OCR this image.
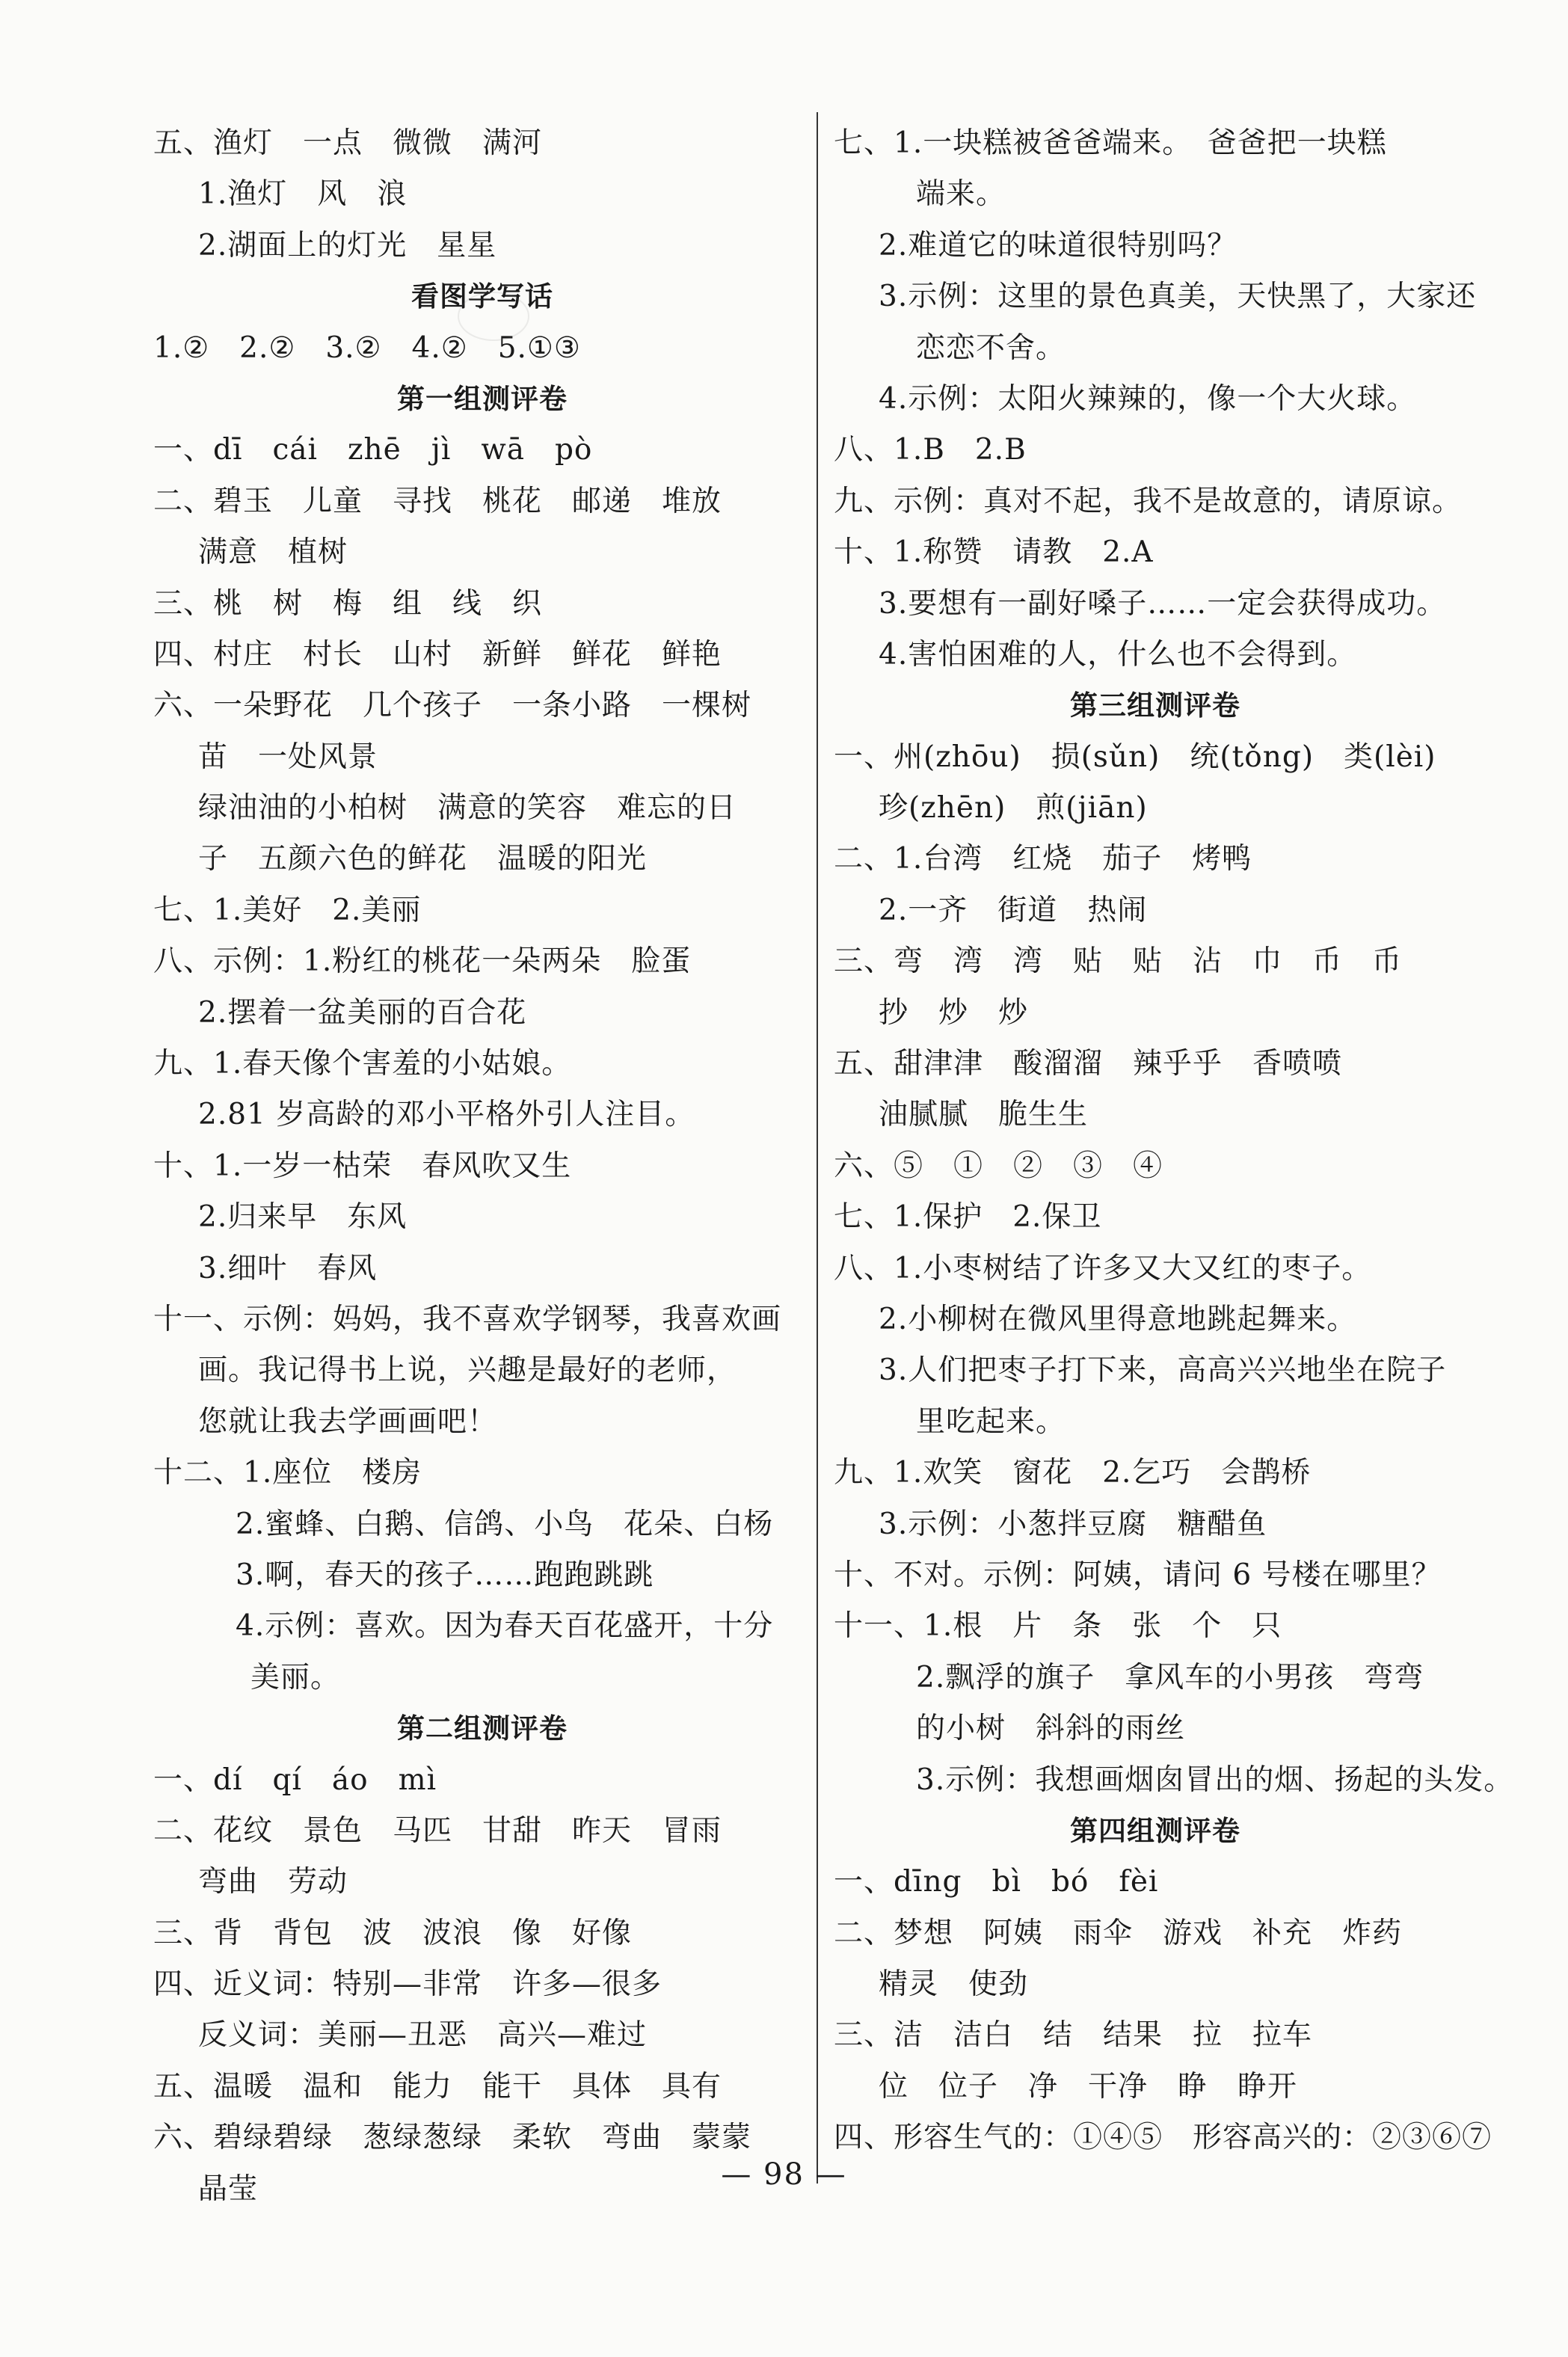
五、渔灯　一点　微微　满河
1.渔灯　风　浪
2.湖面上的灯光　星星
看图学写话
1.②　2.②　3.②　4.②　5.①③
第一组测评卷
一、dī　cái　zhē　jì　wā　pò
二、碧玉　儿童　寻找　桃花　邮递　堆放
满意　植树
三、桃　树　梅　组　线　织
四、村庄　村长　山村　新鲜　鲜花　鲜艳
六、一朵野花　几个孩子　一条小路　一棵树
苗　一处风景
绿油油的小柏树　满意的笑容　难忘的日
子　五颜六色的鲜花　温暖的阳光
七、1.美好　2.美丽
八、示例：1.粉红的桃花一朵两朵　脸蛋
2.摆着一盆美丽的百合花
九、1.春天像个害羞的小姑娘。
2.81 岁高龄的邓小平格外引人注目。
十、1.一岁一枯荣　春风吹又生
2.归来早　东风
3.细叶　春风
十一、示例：妈妈，我不喜欢学钢琴，我喜欢画
画。我记得书上说，兴趣是最好的老师，
您就让我去学画画吧！
十二、1.座位　楼房
2.蜜蜂、白鹅、信鸽、小鸟　花朵、白杨
3.啊，春天的孩子……跑跑跳跳
4.示例：喜欢。因为春天百花盛开，十分
美丽。
第二组测评卷
一、dí　qí　áo　mì
二、花纹　景色　马匹　甘甜　昨天　冒雨
弯曲　劳动
三、背　背包　波　波浪　像　好像
四、近义词：特别—非常　许多—很多
反义词：美丽—丑恶　高兴—难过
五、温暖　温和　能力　能干　具体　具有
六、碧绿碧绿　葱绿葱绿　柔软　弯曲　蒙蒙
晶莹
七、1.一块糕被爸爸端来。　爸爸把一块糕
端来。
2.难道它的味道很特别吗？
3.示例：这里的景色真美，天快黑了，大家还
恋恋不舍。
4.示例：太阳火辣辣的，像一个大火球。
八、1.B　2.B
九、示例：真对不起，我不是故意的，请原谅。
十、1.称赞　请教　2.A
3.要想有一副好嗓子……一定会获得成功。
4.害怕困难的人，什么也不会得到。
第三组测评卷
一、州(zhōu)　损(sǔn)　统(tǒng)　类(lèi)
珍(zhēn)　煎(jiān)
二、1.台湾　红烧　茄子　烤鸭
2.一齐　街道　热闹
三、弯　湾　湾　贴　贴　沾　巾　币　币
抄　炒　炒
五、甜津津　酸溜溜　辣乎乎　香喷喷
油腻腻　脆生生
六、⑤　①　②　③　④
七、1.保护　2.保卫
八、1.小枣树结了许多又大又红的枣子。
2.小柳树在微风里得意地跳起舞来。
3.人们把枣子打下来，高高兴兴地坐在院子
里吃起来。
九、1.欢笑　窗花　2.乞巧　会鹊桥
3.示例：小葱拌豆腐　糖醋鱼
十、不对。示例：阿姨，请问 6 号楼在哪里？
十一、1.根　片　条　张　个　只
2.飘浮的旗子　拿风车的小男孩　弯弯
的小树　斜斜的雨丝
3.示例：我想画烟囱冒出的烟、扬起的头发。
第四组测评卷
一、dīng　bì　bó　fèi
二、梦想　阿姨　雨伞　游戏　补充　炸药
精灵　使劲
三、洁　洁白　结　结果　拉　拉车
位　位子　净　干净　睁　睁开
四、形容生气的：①④⑤　形容高兴的：②③⑥⑦
— 98 —
